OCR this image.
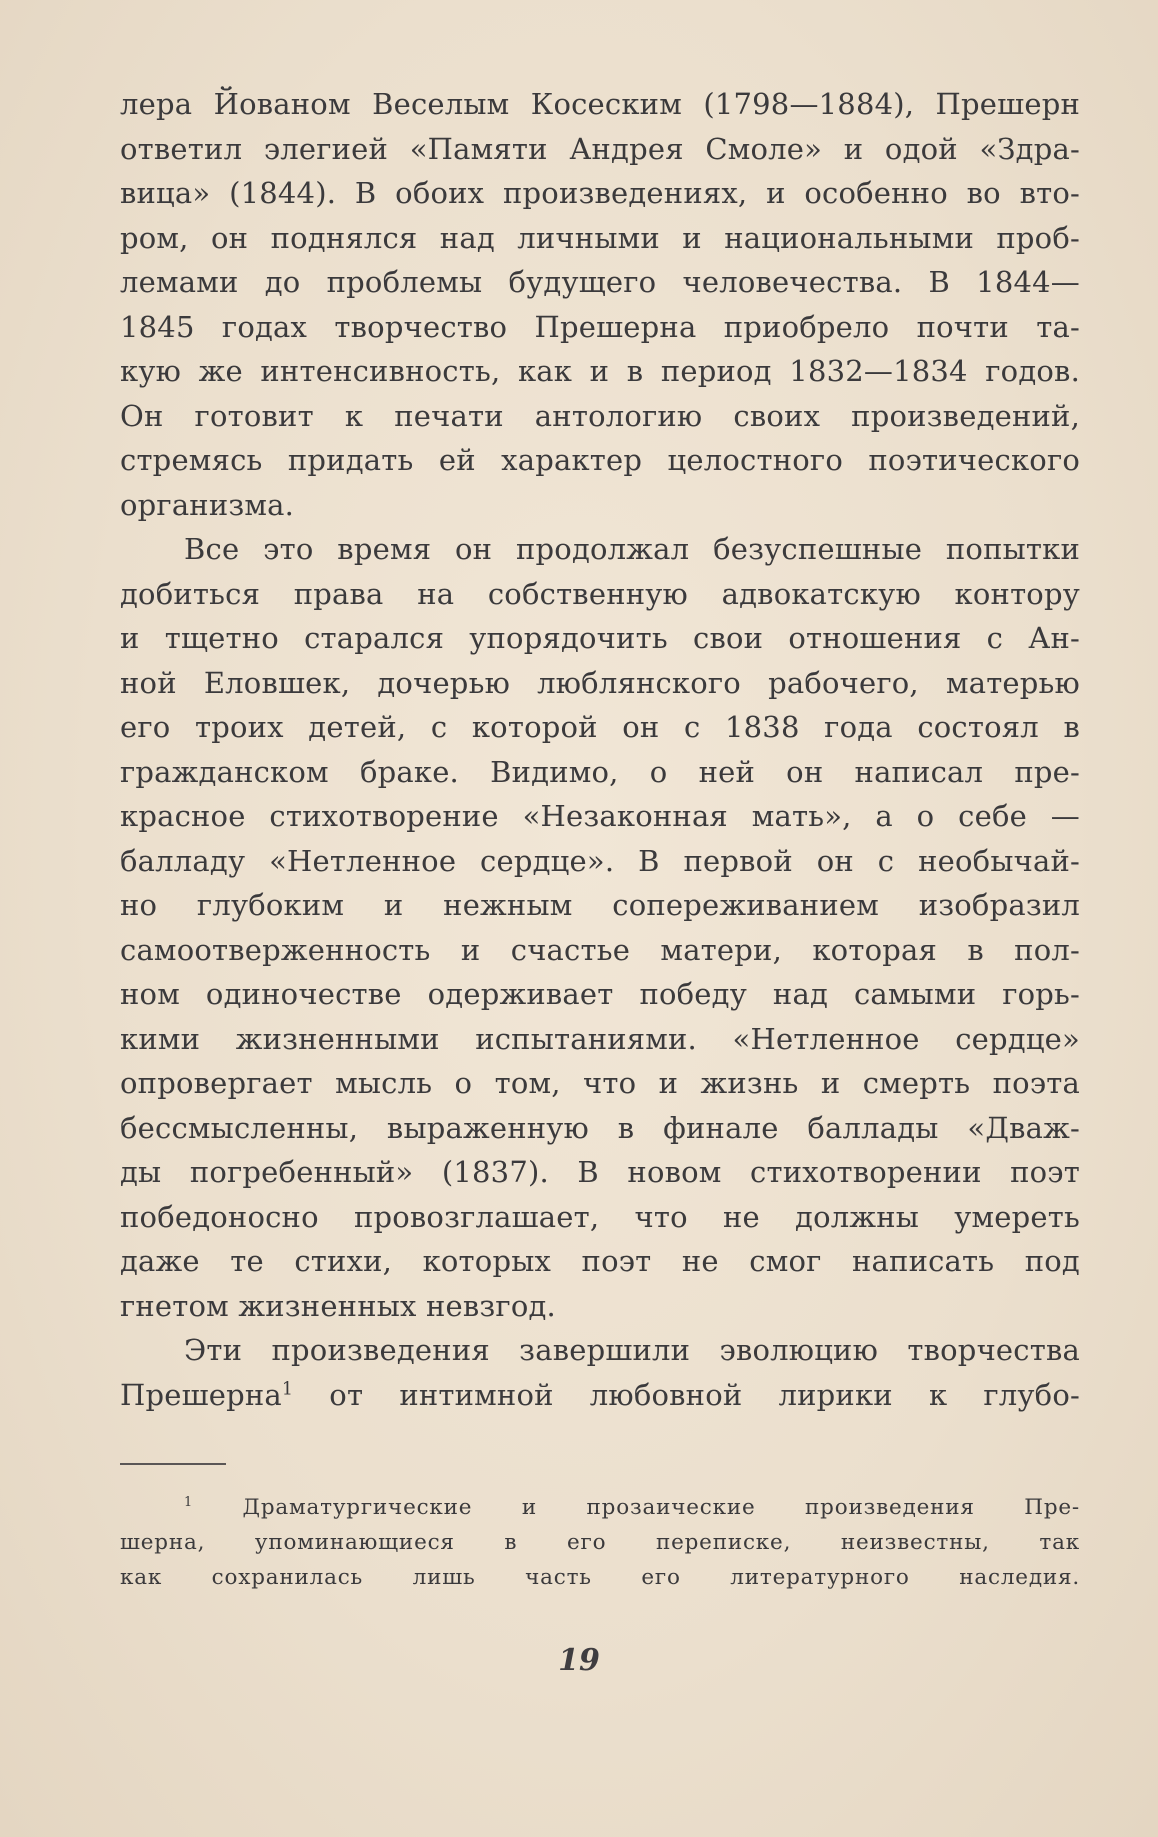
лера Йованом Веселым Косеским (1798—1884), Прешерн
ответил элегией «Памяти Андрея Смоле» и одой «Здра-
вица» (1844). В обоих произведениях, и особенно во вто-
ром, он поднялся над личными и национальными проб-
лемами до проблемы будущего человечества. В 1844—
1845 годах творчество Прешерна приобрело почти та-
кую же интенсивность, как и в период 1832—1834 годов.
Он готовит к печати антологию своих произведений,
стремясь придать ей характер целостного поэтического
организма.
Все это время он продолжал безуспешные попытки
добиться права на собственную адвокатскую контору
и тщетно старался упорядочить свои отношения с Ан-
ной Еловшек, дочерью люблянского рабочего, матерью
его троих детей, с которой он с 1838 года состоял в
гражданском браке. Видимо, о ней он написал пре-
красное стихотворение «Незаконная мать», а о себе —
балладу «Нетленное сердце». В первой он с необычай-
но глубоким и нежным сопереживанием изобразил
самоотверженность и счастье матери, которая в пол-
ном одиночестве одерживает победу над самыми горь-
кими жизненными испытаниями. «Нетленное сердце»
опровергает мысль о том, что и жизнь и смерть поэта
бессмысленны, выраженную в финале баллады «Дваж-
ды погребенный» (1837). В новом стихотворении поэт
победоносно провозглашает, что не должны умереть
даже те стихи, которых поэт не смог написать под
гнетом жизненных невзгод.
Эти произведения завершили эволюцию творчества
Прешерна$^1$ от интимной любовной лирики к глубо-
$^1$ Драматургические и прозаические произведения Пре-
шерна, упоминающиеся в его переписке, неизвестны, так
как сохранилась лишь часть его литературного наследия.
19
